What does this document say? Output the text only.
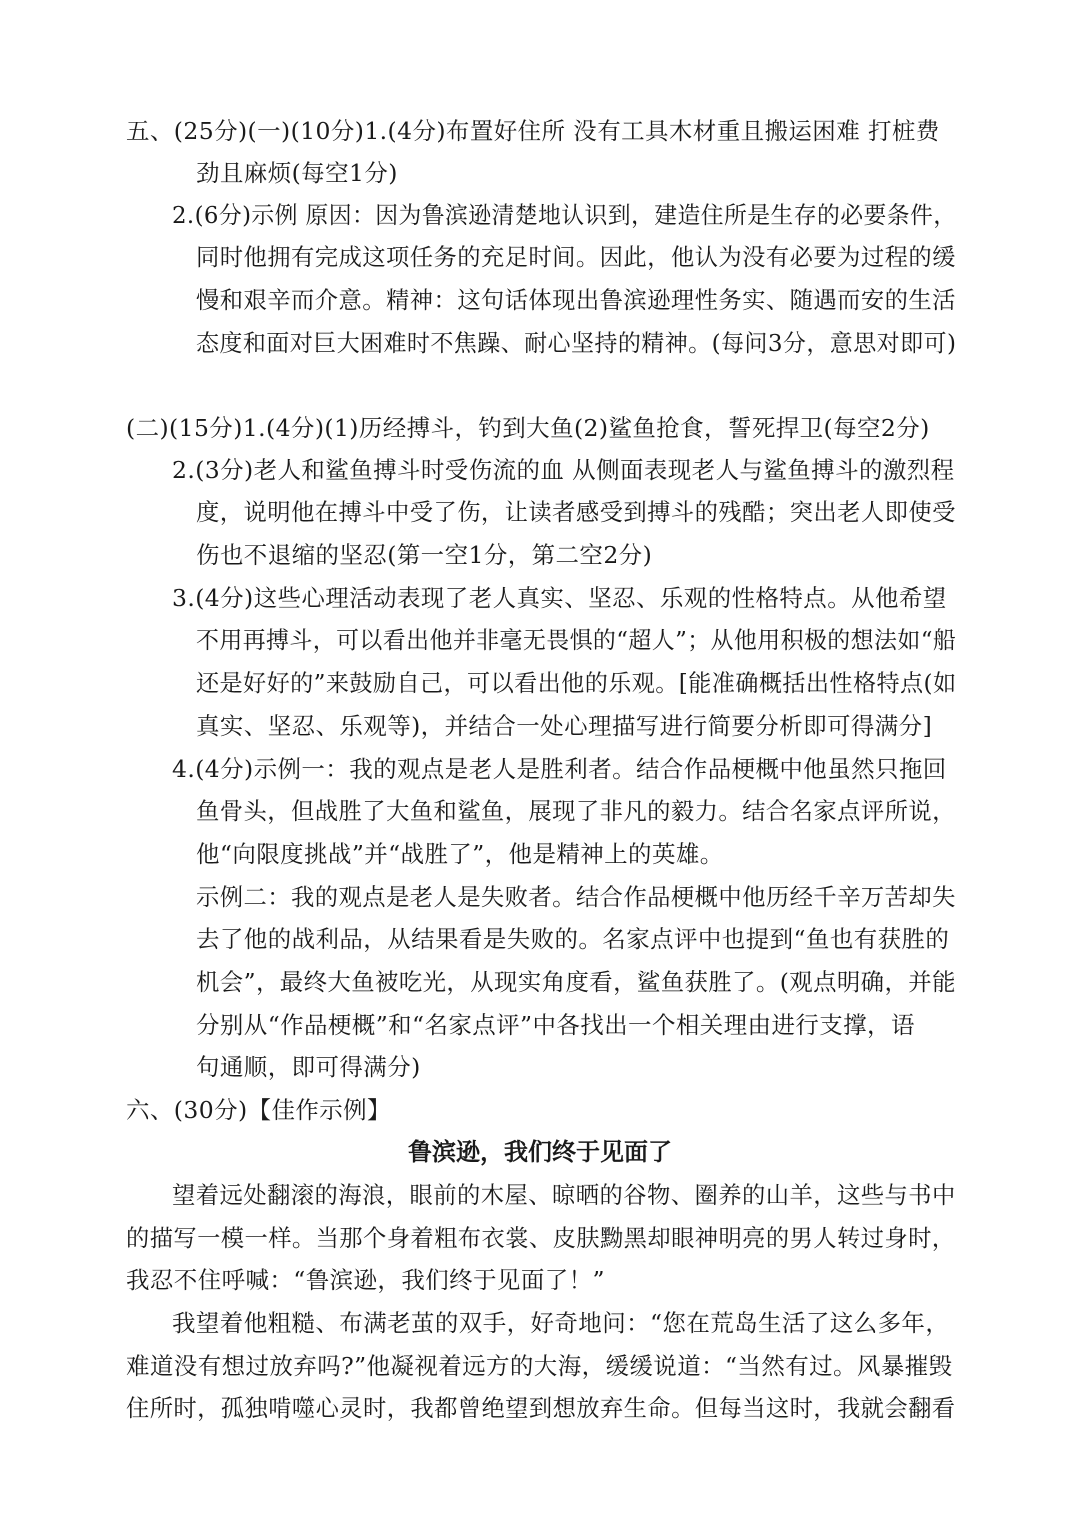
五、(25分)(一)(10分)1.(4分)布置好住所 没有工具木材重且搬运困难 打桩费
劲且麻烦(每空1分)
2.(6分)示例 原因：因为鲁滨逊清楚地认识到，建造住所是生存的必要条件，
同时他拥有完成这项任务的充足时间。因此，他认为没有必要为过程的缓
慢和艰辛而介意。精神：这句话体现出鲁滨逊理性务实、随遇而安的生活
态度和面对巨大困难时不焦躁、耐心坚持的精神。(每问3分，意思对即可)
(二)(15分)1.(4分)(1)历经搏斗，钓到大鱼(2)鲨鱼抢食，誓死捍卫(每空2分)
2.(3分)老人和鲨鱼搏斗时受伤流的血 从侧面表现老人与鲨鱼搏斗的激烈程
度，说明他在搏斗中受了伤，让读者感受到搏斗的残酷；突出老人即使受
伤也不退缩的坚忍(第一空1分，第二空2分)
3.(4分)这些心理活动表现了老人真实、坚忍、乐观的性格特点。从他希望
不用再搏斗，可以看出他并非毫无畏惧的“超人”；从他用积极的想法如“船
还是好好的”来鼓励自己，可以看出他的乐观。[能准确概括出性格特点(如
真实、坚忍、乐观等)，并结合一处心理描写进行简要分析即可得满分]
4.(4分)示例一：我的观点是老人是胜利者。结合作品梗概中他虽然只拖回
鱼骨头，但战胜了大鱼和鲨鱼，展现了非凡的毅力。结合名家点评所说，
他“向限度挑战”并“战胜了”，他是精神上的英雄。
示例二：我的观点是老人是失败者。结合作品梗概中他历经千辛万苦却失
去了他的战利品，从结果看是失败的。名家点评中也提到“鱼也有获胜的
机会”，最终大鱼被吃光，从现实角度看，鲨鱼获胜了。(观点明确，并能
分别从“作品梗概”和“名家点评”中各找出一个相关理由进行支撑，语
句通顺，即可得满分)
六、(30分)【佳作示例】
鲁滨逊，我们终于见面了
望着远处翻滚的海浪，眼前的木屋、晾晒的谷物、圈养的山羊，这些与书中
的描写一模一样。当那个身着粗布衣裳、皮肤黝黑却眼神明亮的男人转过身时，
我忍不住呼喊：“鲁滨逊，我们终于见面了！”
我望着他粗糙、布满老茧的双手，好奇地问：“您在荒岛生活了这么多年，
难道没有想过放弃吗?”他凝视着远方的大海，缓缓说道：“当然有过。风暴摧毁
住所时，孤独啃噬心灵时，我都曾绝望到想放弃生命。但每当这时，我就会翻看
